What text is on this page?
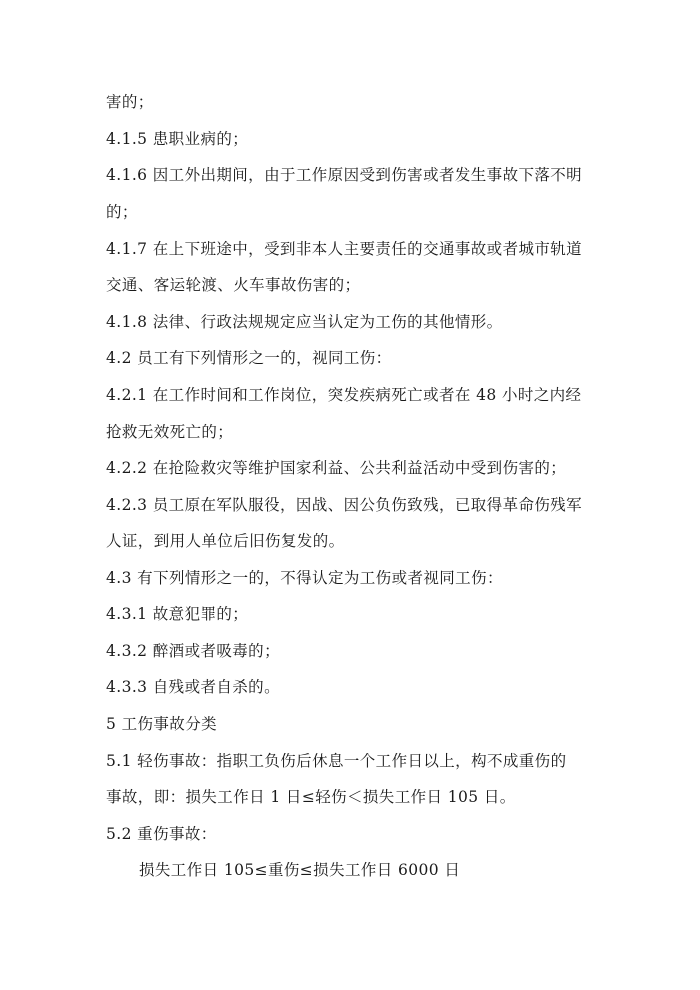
害的；
4.1.5 患职业病的；
4.1.6 因工外出期间，由于工作原因受到伤害或者发生事故下落不明
的；
4.1.7 在上下班途中，受到非本人主要责任的交通事故或者城市轨道
交通、客运轮渡、火车事故伤害的；
4.1.8 法律、行政法规规定应当认定为工伤的其他情形。
4.2 员工有下列情形之一的，视同工伤：
4.2.1 在工作时间和工作岗位，突发疾病死亡或者在 48 小时之内经
抢救无效死亡的；
4.2.2 在抢险救灾等维护国家利益、公共利益活动中受到伤害的；
4.2.3 员工原在军队服役，因战、因公负伤致残，已取得革命伤残军
人证，到用人单位后旧伤复发的。
4.3 有下列情形之一的，不得认定为工伤或者视同工伤：
4.3.1 故意犯罪的；
4.3.2 醉酒或者吸毒的；
4.3.3 自残或者自杀的。
5 工伤事故分类
5.1 轻伤事故：指职工负伤后休息一个工作日以上，构不成重伤的
事故，即：损失工作日 1 日≤轻伤＜损失工作日 105 日。
5.2 重伤事故：
损失工作日 105≤重伤≤损失工作日 6000 日
